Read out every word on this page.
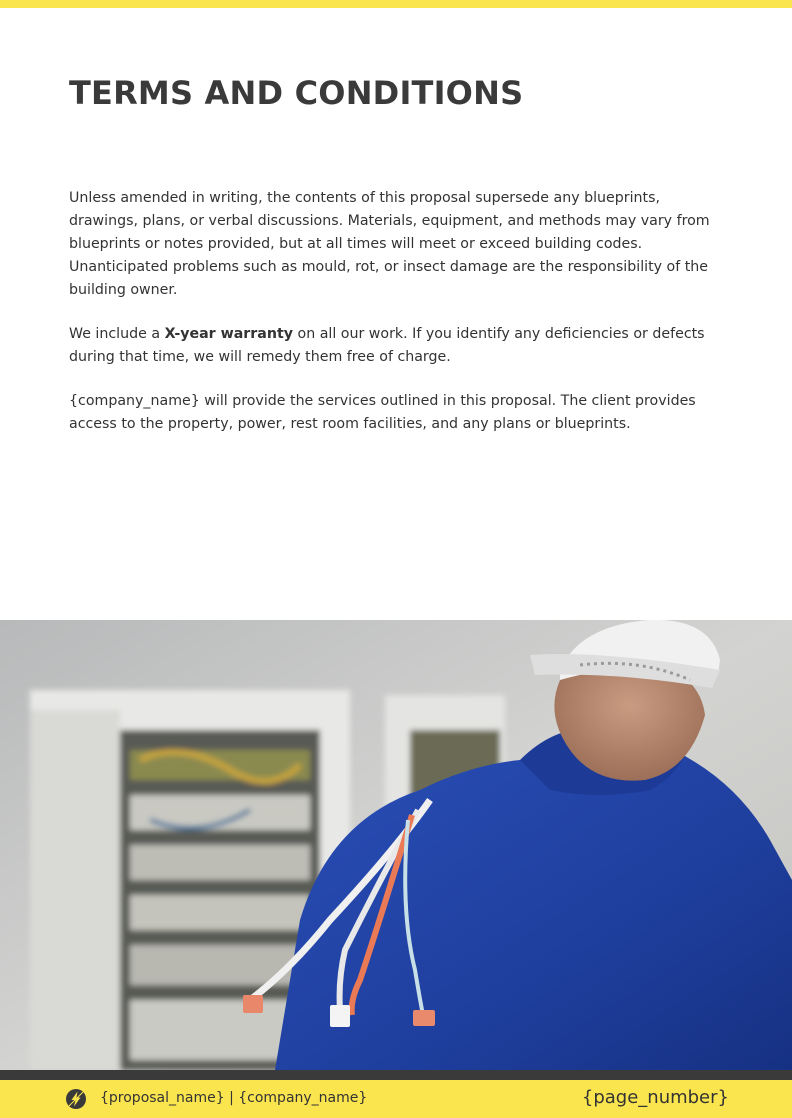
TERMS AND CONDITIONS

Unless amended in writing, the contents of this proposal supersede any blueprints, drawings, plans, or verbal discussions. Materials, equipment, and methods may vary from blueprints or notes provided, but at all times will meet or exceed building codes. Unanticipated problems such as mould, rot, or insect damage are the responsibility of the building owner.

We include a X-year warranty on all our work. If you identify any deficiencies or defects during that time, we will remedy them free of charge.

{company_name} will provide the services outlined in this proposal. The client provides access to the property, power, rest room facilities, and any plans or blueprints.

{proposal_name} | {company_name}	{page_number}
